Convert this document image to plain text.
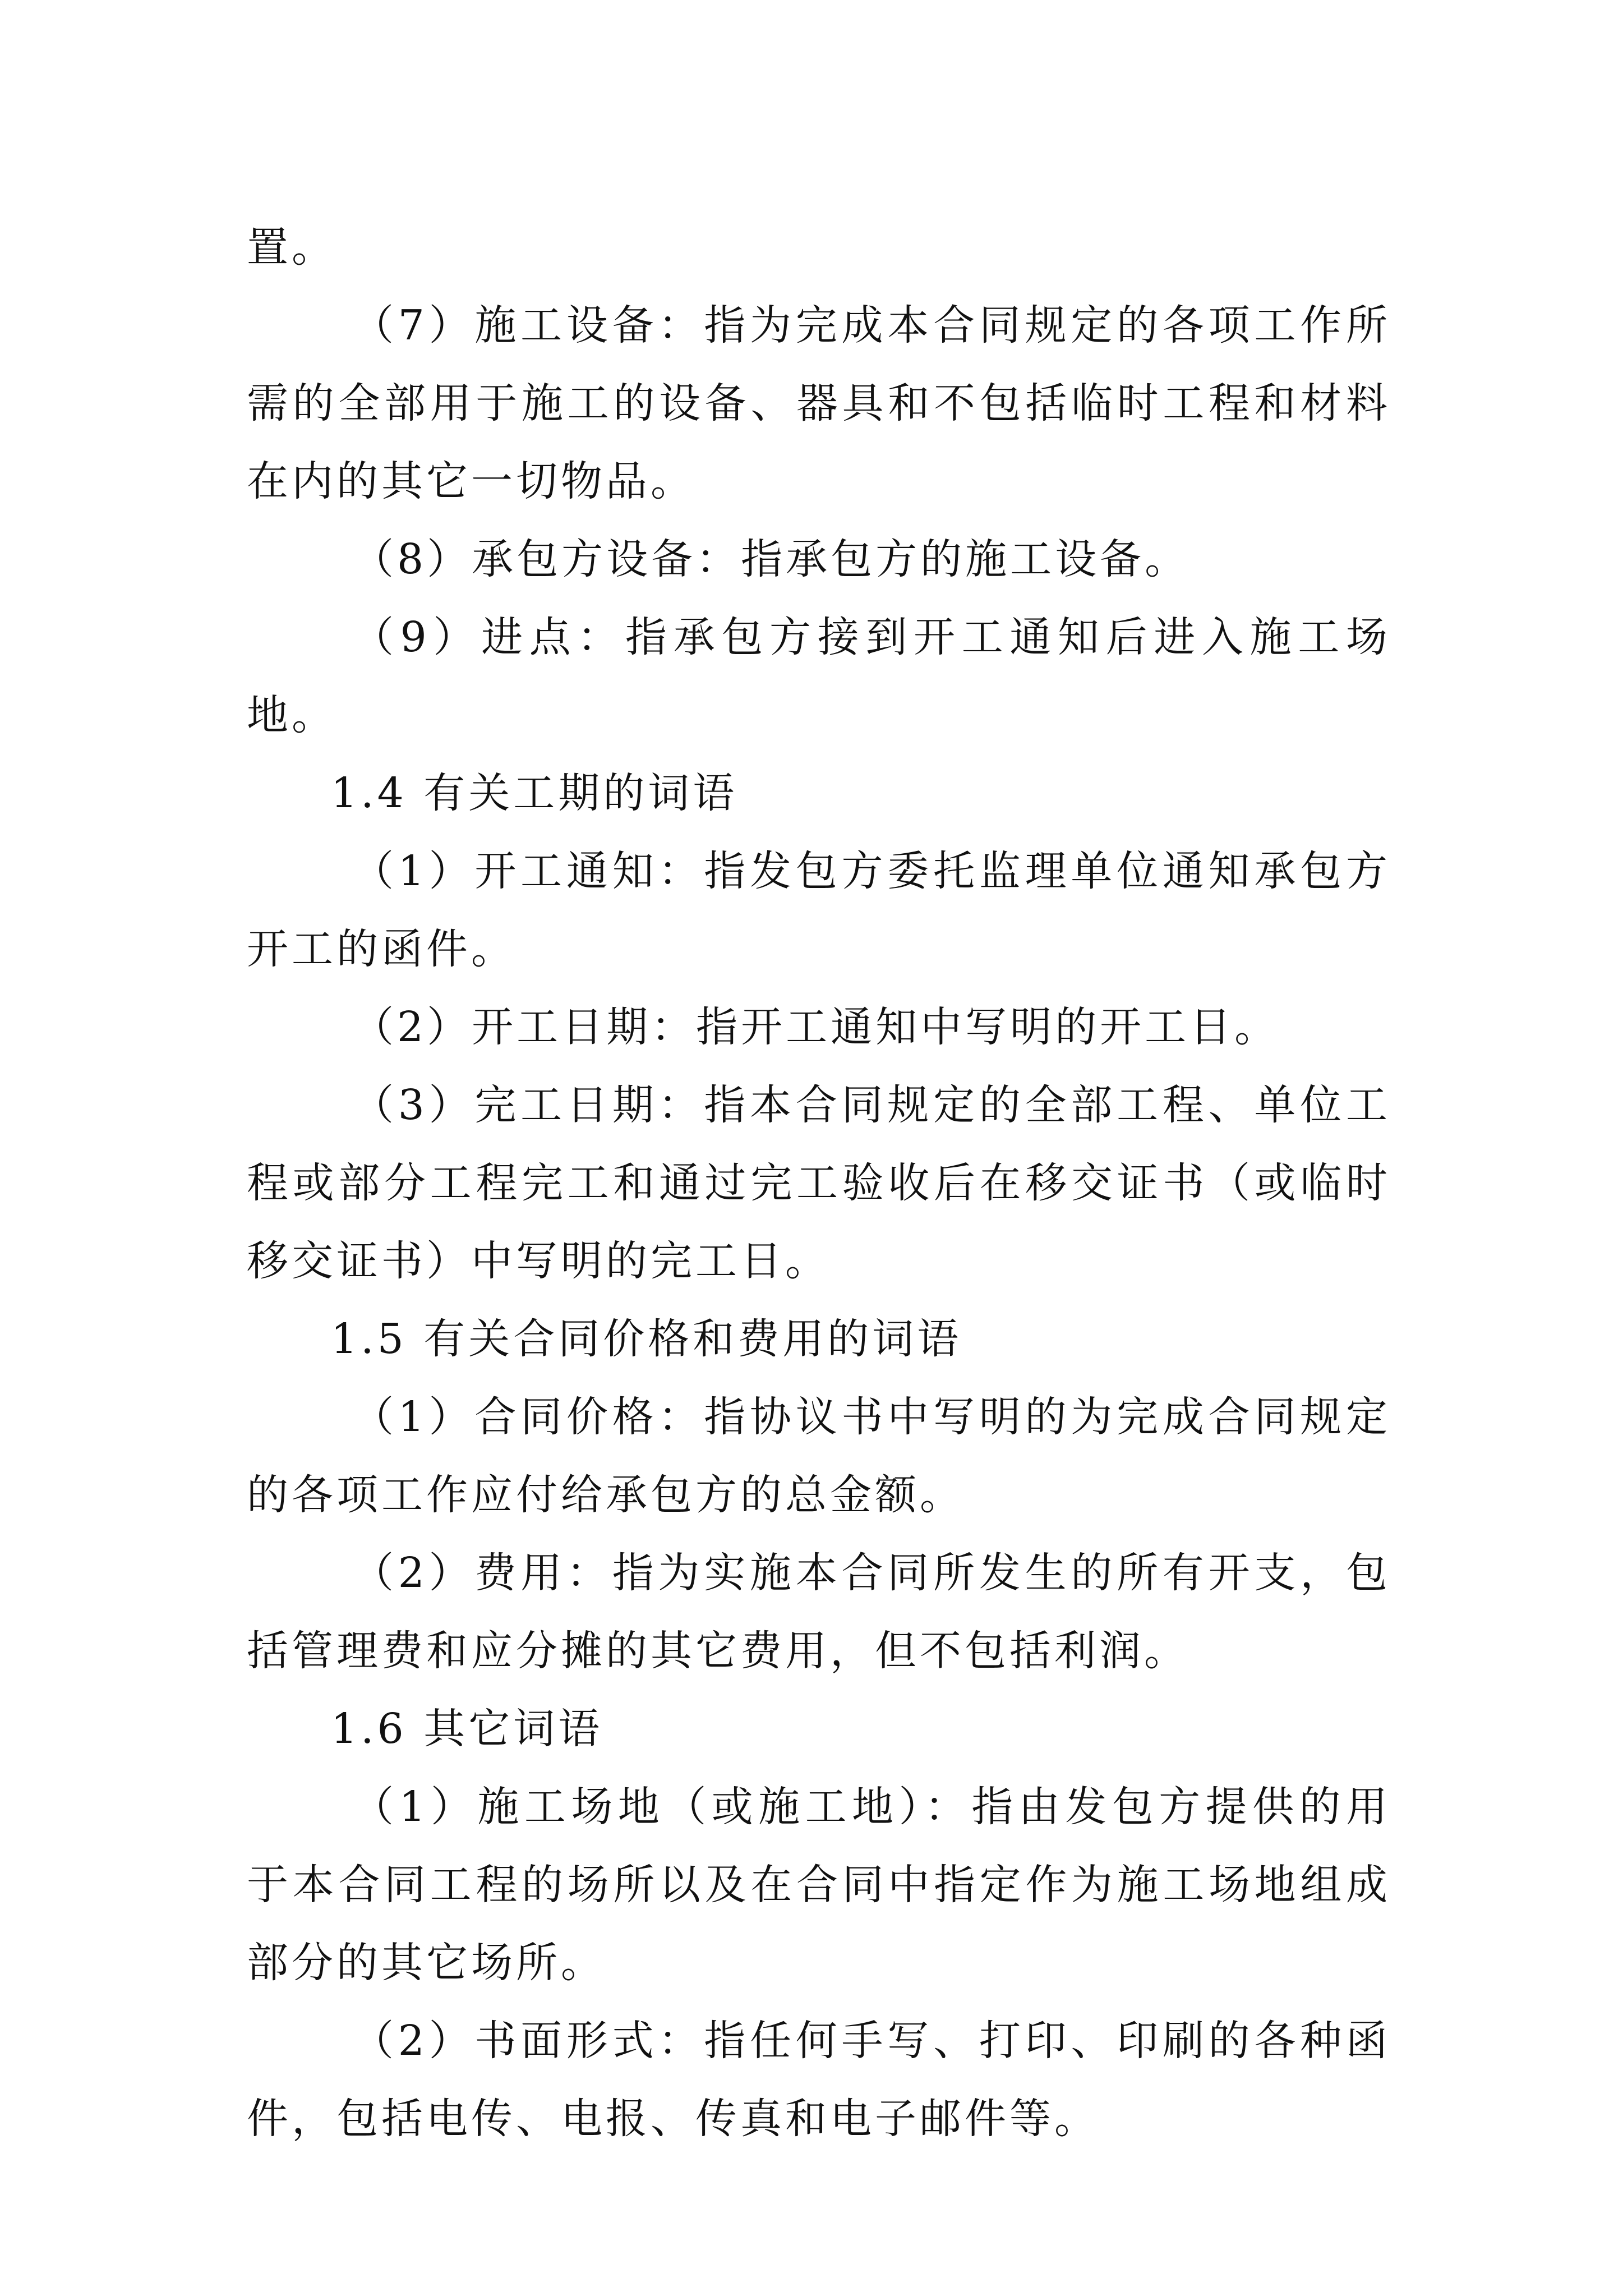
置。

（7）施工设备：指为完成本合同规定的各项工作所需的全部用于施工的设备、器具和不包括临时工程和材料在内的其它一切物品。

（8）承包方设备：指承包方的施工设备。

（9）进点：指承包方接到开工通知后进入施工场地。

1.4 有关工期的词语

（1）开工通知：指发包方委托监理单位通知承包方开工的函件。

（2）开工日期：指开工通知中写明的开工日。

（3）完工日期：指本合同规定的全部工程、单位工程或部分工程完工和通过完工验收后在移交证书（或临时移交证书）中写明的完工日。

1.5 有关合同价格和费用的词语

（1）合同价格：指协议书中写明的为完成合同规定的各项工作应付给承包方的总金额。

（2）费用：指为实施本合同所发生的所有开支，包括管理费和应分摊的其它费用，但不包括利润。

1.6 其它词语

（1）施工场地（或施工地）：指由发包方提供的用于本合同工程的场所以及在合同中指定作为施工场地组成部分的其它场所。

（2）书面形式：指任何手写、打印、印刷的各种函件，包括电传、电报、传真和电子邮件等。
